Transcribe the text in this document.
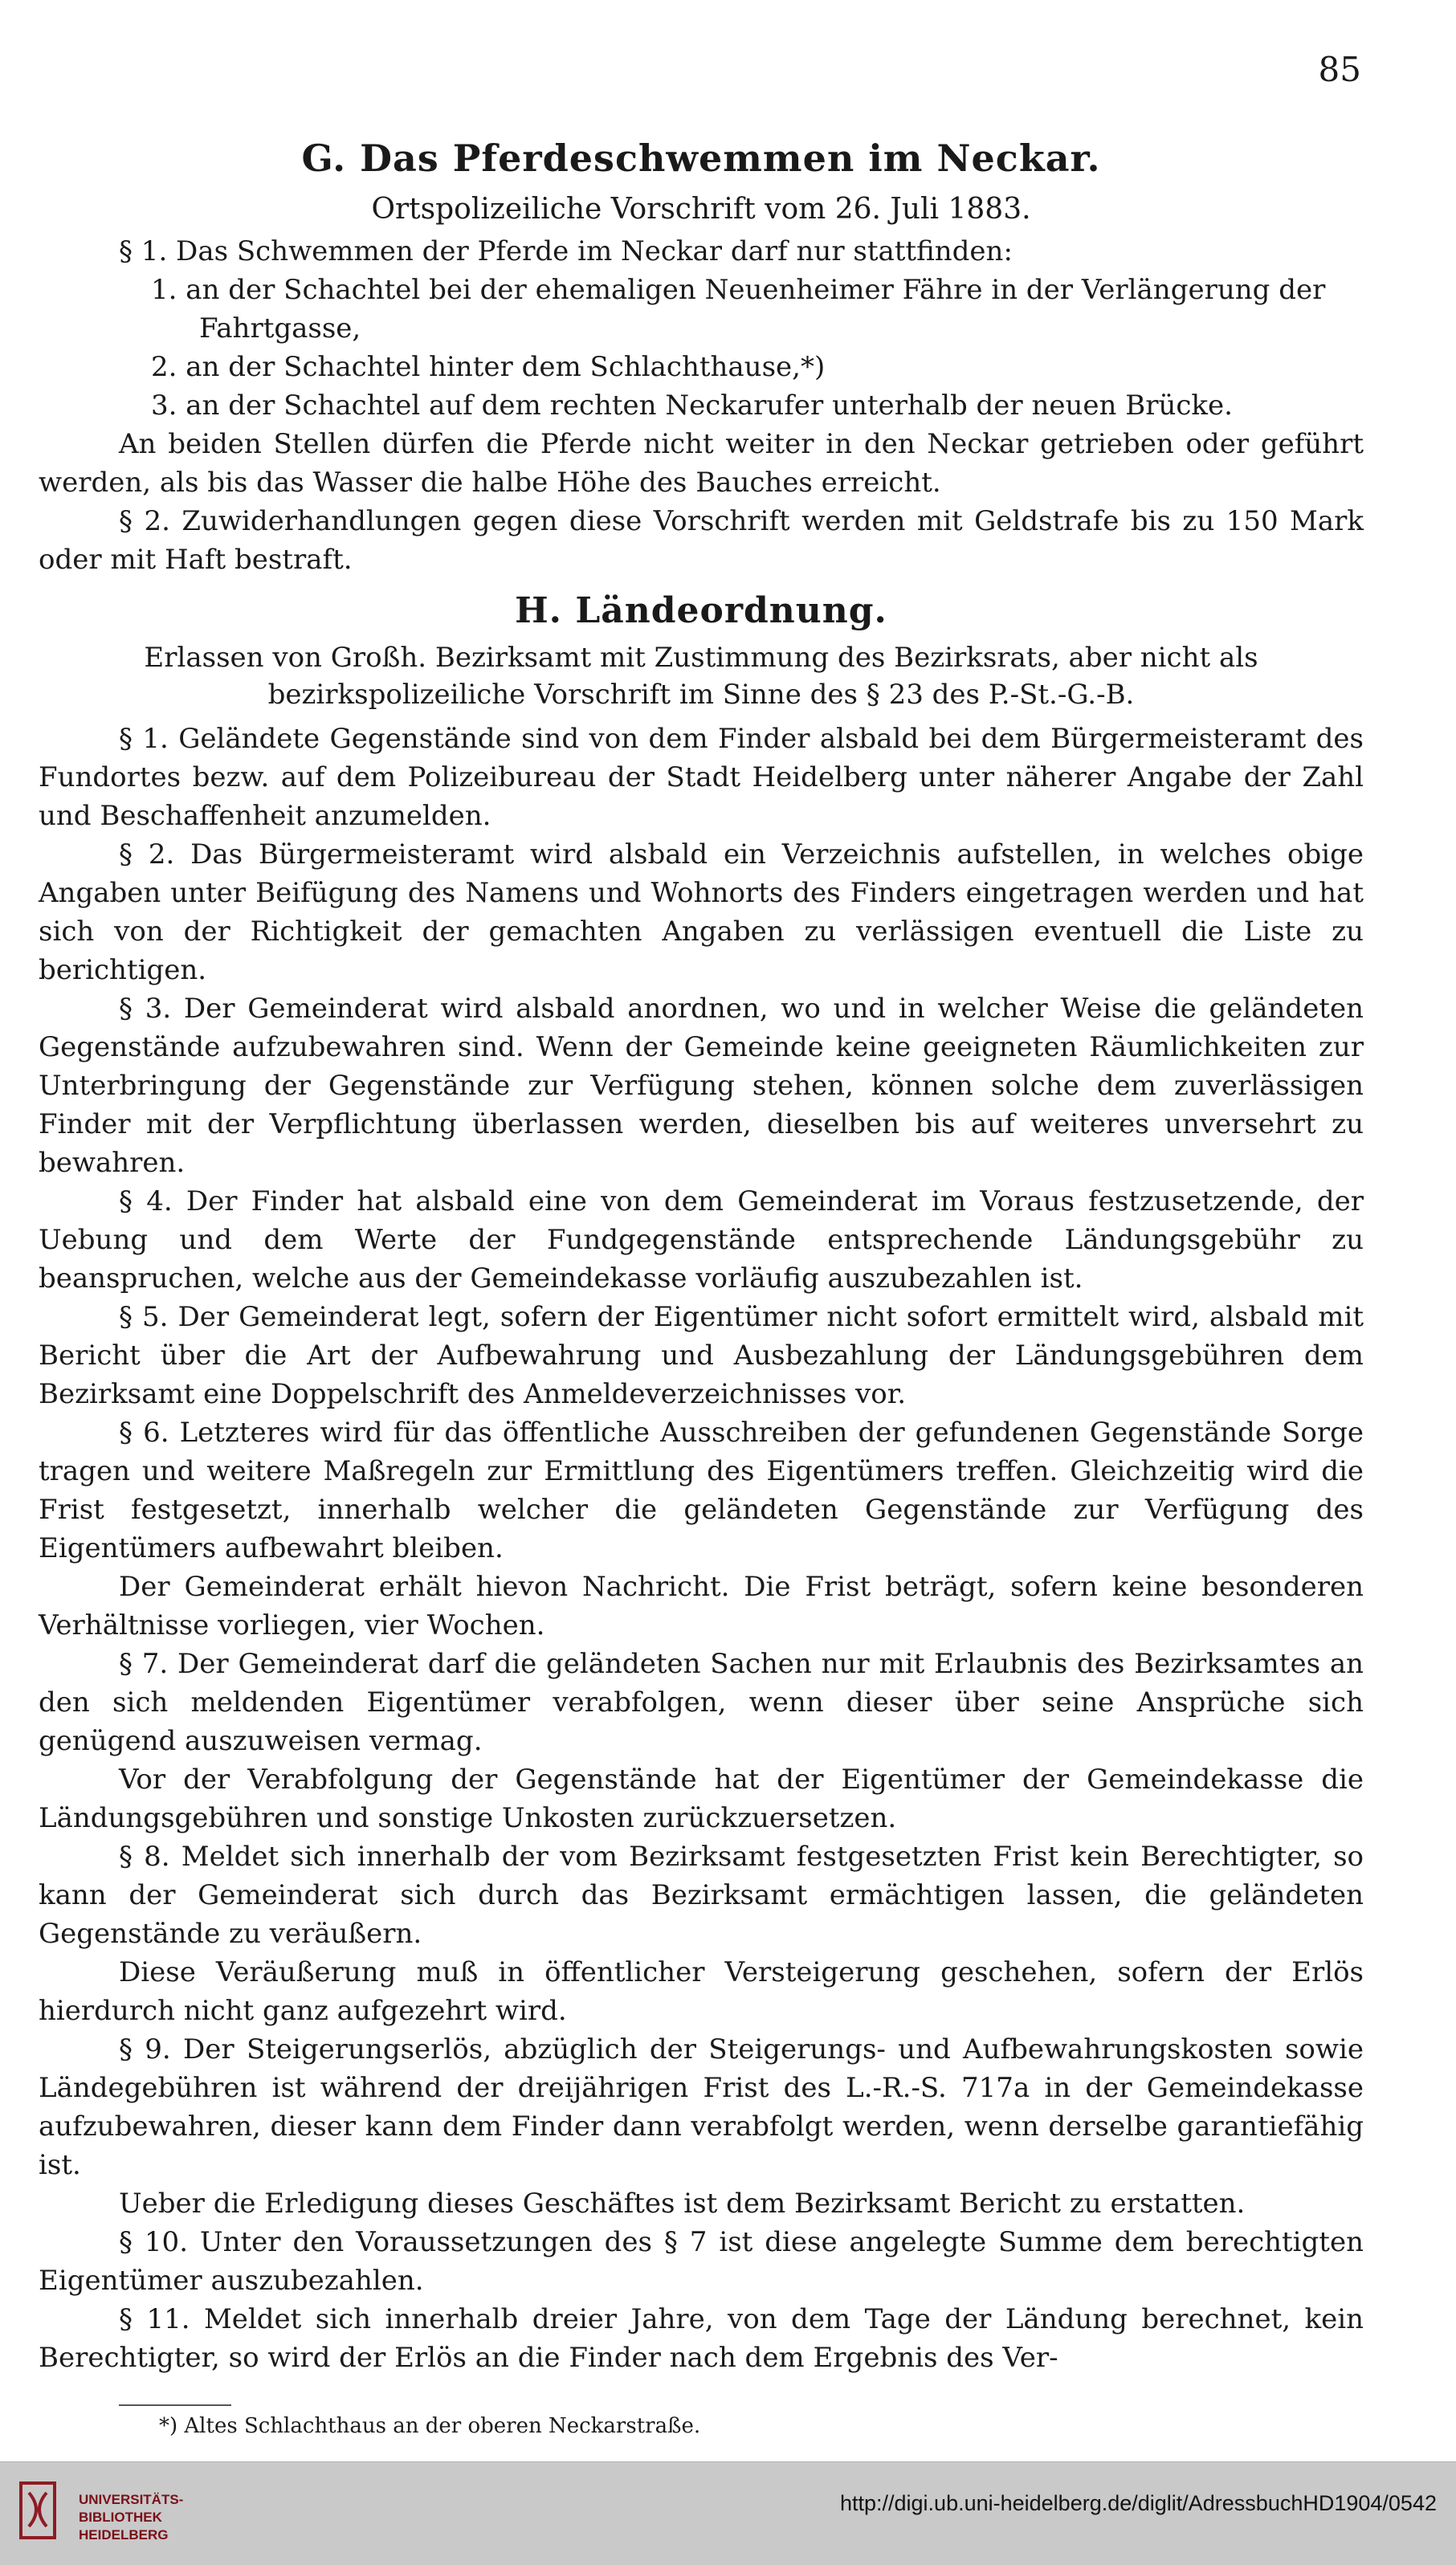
85
G. Das Pferdeschwemmen im Neckar.

Ortspolizeiliche Vorschrift vom 26. Juli 1883.

§ 1. Das Schwemmen der Pferde im Neckar darf nur stattfinden:

1. an der Schachtel bei der ehemaligen Neuenheimer Fähre in der Verlängerung der Fahrtgasse,

2. an der Schachtel hinter dem Schlachthause,*)

3. an der Schachtel auf dem rechten Neckarufer unterhalb der neuen Brücke.

An beiden Stellen dürfen die Pferde nicht weiter in den Neckar getrieben oder geführt werden, als bis das Wasser die halbe Höhe des Bauches erreicht.

§ 2. Zuwiderhandlungen gegen diese Vorschrift werden mit Geldstrafe bis zu 150 Mark oder mit Haft bestraft.

H. Ländeordnung.

Erlassen von Großh. Bezirksamt mit Zustimmung des Bezirksrats, aber nicht als bezirkspolizeiliche Vorschrift im Sinne des § 23 des P.-St.-G.-B.

§ 1. Geländete Gegenstände sind von dem Finder alsbald bei dem Bürgermeisteramt des Fundortes bezw. auf dem Polizeibureau der Stadt Heidelberg unter näherer Angabe der Zahl und Beschaffenheit anzumelden.

§ 2. Das Bürgermeisteramt wird alsbald ein Verzeichnis aufstellen, in welches obige Angaben unter Beifügung des Namens und Wohnorts des Finders eingetragen werden und hat sich von der Richtigkeit der gemachten Angaben zu verlässigen eventuell die Liste zu berichtigen.

§ 3. Der Gemeinderat wird alsbald anordnen, wo und in welcher Weise die geländeten Gegenstände aufzubewahren sind. Wenn der Gemeinde keine geeigneten Räumlichkeiten zur Unterbringung der Gegenstände zur Verfügung stehen, können solche dem zuverlässigen Finder mit der Verpflichtung überlassen werden, dieselben bis auf weiteres unversehrt zu bewahren.

§ 4. Der Finder hat alsbald eine von dem Gemeinderat im Voraus festzusetzende, der Uebung und dem Werte der Fundgegenstände entsprechende Ländungsgebühr zu beanspruchen, welche aus der Gemeindekasse vorläufig auszubezahlen ist.

§ 5. Der Gemeinderat legt, sofern der Eigentümer nicht sofort ermittelt wird, alsbald mit Bericht über die Art der Aufbewahrung und Ausbezahlung der Ländungsgebühren dem Bezirksamt eine Doppelschrift des Anmeldeverzeichnisses vor.

§ 6. Letzteres wird für das öffentliche Ausschreiben der gefundenen Gegenstände Sorge tragen und weitere Maßregeln zur Ermittlung des Eigentümers treffen. Gleichzeitig wird die Frist festgesetzt, innerhalb welcher die geländeten Gegenstände zur Verfügung des Eigentümers aufbewahrt bleiben.

Der Gemeinderat erhält hievon Nachricht. Die Frist beträgt, sofern keine besonderen Verhältnisse vorliegen, vier Wochen.

§ 7. Der Gemeinderat darf die geländeten Sachen nur mit Erlaubnis des Bezirksamtes an den sich meldenden Eigentümer verabfolgen, wenn dieser über seine Ansprüche sich genügend auszuweisen vermag.

Vor der Verabfolgung der Gegenstände hat der Eigentümer der Gemeindekasse die Ländungsgebühren und sonstige Unkosten zurückzuersetzen.

§ 8. Meldet sich innerhalb der vom Bezirksamt festgesetzten Frist kein Berechtigter, so kann der Gemeinderat sich durch das Bezirksamt ermächtigen lassen, die geländeten Gegenstände zu veräußern.

Diese Veräußerung muß in öffentlicher Versteigerung geschehen, sofern der Erlös hierdurch nicht ganz aufgezehrt wird.

§ 9. Der Steigerungserlös, abzüglich der Steigerungs- und Aufbewahrungskosten sowie Ländegebühren ist während der dreijährigen Frist des L.-R.-S. 717a in der Gemeindekasse aufzubewahren, dieser kann dem Finder dann verabfolgt werden, wenn derselbe garantiefähig ist.

Ueber die Erledigung dieses Geschäftes ist dem Bezirksamt Bericht zu erstatten.

§ 10. Unter den Voraussetzungen des § 7 ist diese angelegte Summe dem berechtigten Eigentümer auszubezahlen.

§ 11. Meldet sich innerhalb dreier Jahre, von dem Tage der Ländung berechnet, kein Berechtigter, so wird der Erlös an die Finder nach dem Ergebnis des Ver-

*) Altes Schlachthaus an der oberen Neckarstraße.

UNIVERSITÄTS-
BIBLIOTHEK
HEIDELBERG
http://digi.ub.uni-heidelberg.de/diglit/AdressbuchHD1904/0542
